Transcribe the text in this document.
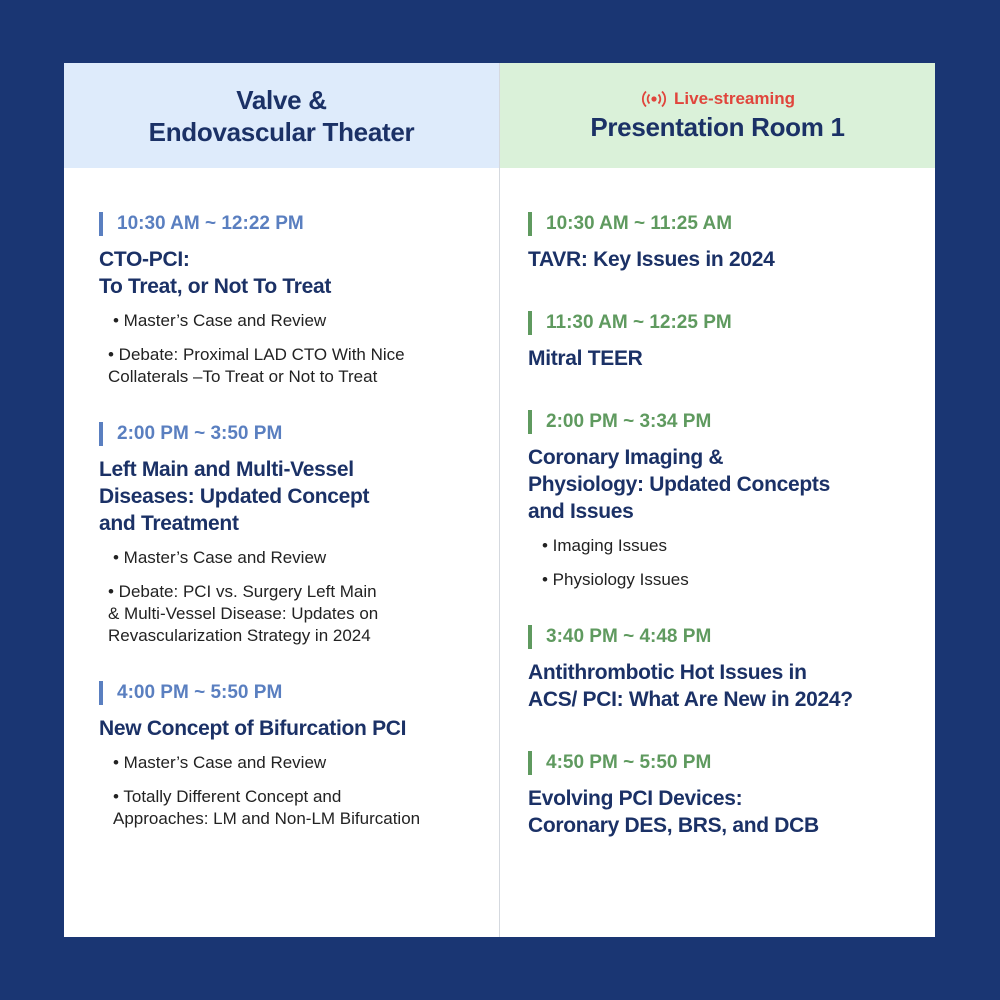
Valve &
Endovascular Theater
10:30 AM ~ 12:22 PM
CTO-PCI:
To Treat, or Not To Treat
• Master’s Case and Review
• Debate: Proximal LAD CTO With Nice
Collaterals –To Treat or Not to Treat
2:00 PM ~ 3:50 PM
Left Main and Multi-Vessel
Diseases: Updated Concept
and Treatment
• Master’s Case and Review
• Debate: PCI vs. Surgery Left Main
& Multi-Vessel Disease: Updates on
Revascularization Strategy in 2024
4:00 PM ~ 5:50 PM
New Concept of Bifurcation PCI
• Master’s Case and Review
• Totally Different Concept and
Approaches: LM and Non-LM Bifurcation
Live-streaming
Presentation Room 1
10:30 AM ~ 11:25 AM
TAVR: Key Issues in 2024
11:30 AM ~ 12:25 PM
Mitral TEER
2:00 PM ~ 3:34 PM
Coronary Imaging &
Physiology: Updated Concepts
and Issues
• Imaging Issues
• Physiology Issues
3:40 PM ~ 4:48 PM
Antithrombotic Hot Issues in
ACS/ PCI: What Are New in 2024?
4:50 PM ~ 5:50 PM
Evolving PCI Devices:
Coronary DES, BRS, and DCB
